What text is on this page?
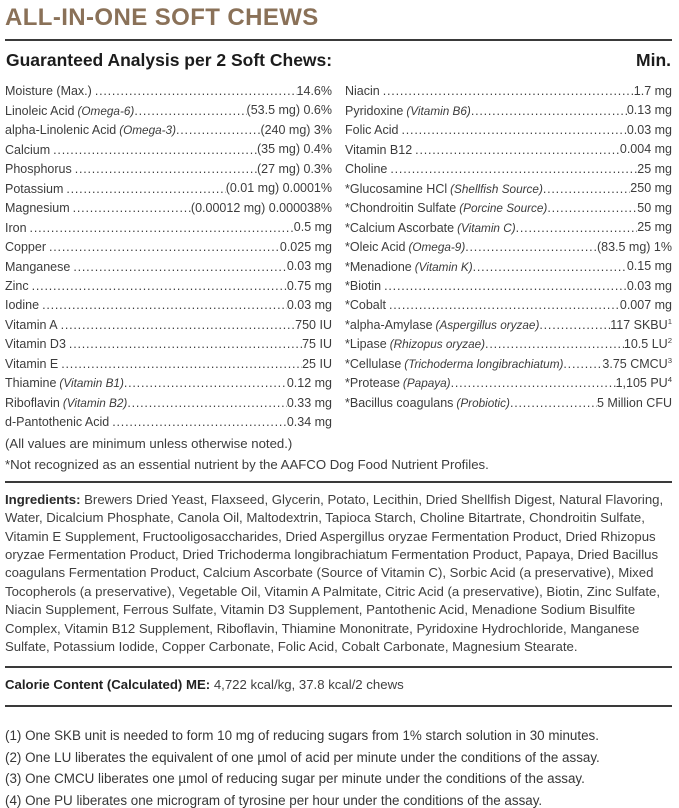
ALL-IN-ONE SOFT CHEWS
Guaranteed Analysis per 2 Soft Chews:	Min.
Moisture (Max.) .....	14.6%
Linoleic Acid (Omega-6) .....	(53.5 mg) 0.6%
alpha-Linolenic Acid (Omega-3) .....	(240 mg) 3%
Calcium .....	(35 mg) 0.4%
Phosphorus .....	(27 mg) 0.3%
Potassium .....	(0.01 mg) 0.0001%
Magnesium .....	(0.00012 mg) 0.000038%
Iron .....	0.5 mg
Copper .....	0.025 mg
Manganese .....	0.03 mg
Zinc .....	0.75 mg
Iodine .....	0.03 mg
Vitamin A .....	750 IU
Vitamin D3 .....	75 IU
Vitamin E .....	25 IU
Thiamine (Vitamin B1) .....	0.12 mg
Riboflavin (Vitamin B2) .....	0.33 mg
d-Pantothenic Acid .....	0.34 mg
Niacin .....	1.7 mg
Pyridoxine (Vitamin B6) .....	0.13 mg
Folic Acid .....	0.03 mg
Vitamin B12 .....	0.004 mg
Choline .....	25 mg
*Glucosamine HCl (Shellfish Source) .....	250 mg
*Chondroitin Sulfate (Porcine Source) .....	50 mg
*Calcium Ascorbate (Vitamin C) .....	25 mg
*Oleic Acid (Omega-9) .....	(83.5 mg) 1%
*Menadione (Vitamin K) .....	0.15 mg
*Biotin .....	0.03 mg
*Cobalt .....	0.007 mg
*alpha-Amylase (Aspergillus oryzae) .....	117 SKBU$^1$
*Lipase (Rhizopus oryzae) .....	10.5 $LU^2$
*Cellulase (Trichoderma longibrachiatum) .....	3.75 CMCU$^3$
*Protease (Papaya) .....	1,105 $PU^4$
*Bacillus coagulans (Probiotic) .....	5 Million CFU

(All values are minimum unless otherwise noted.)

*Not recognized as an essential nutrient by the AAFCO Dog Food Nutrient Profiles.

Ingredients: Brewers Dried Yeast, Flaxseed, Glycerin, Potato, Lecithin, Dried Shellfish Digest, Natural Flavoring, Water, Dicalcium Phosphate, Canola Oil, Maltodextrin, Tapioca Starch, Choline Bitartrate, Chondroitin Sulfate, Vitamin E Supplement, Fructooligosaccharides, Dried Aspergillus oryzae Fermentation Product, Dried Rhizopus oryzae Fermentation Product, Dried Trichoderma longibrachiatum Fermentation Product, Papaya, Dried Bacillus coagulans Fermentation Product, Calcium Ascorbate (Source of Vitamin C), Sorbic Acid (a preservative), Mixed Tocopherols (a preservative), Vegetable Oil, Vitamin A Palmitate, Citric Acid (a preservative), Biotin, Zinc Sulfate, Niacin Supplement, Ferrous Sulfate, Vitamin D3 Supplement, Pantothenic Acid, Menadione Sodium Bisulfite Complex, Vitamin B12 Supplement, Riboflavin, Thiamine Mononitrate, Pyridoxine Hydrochloride, Manganese Sulfate, Potassium Iodide, Copper Carbonate, Folic Acid, Cobalt Carbonate, Magnesium Stearate.

Calorie Content (Calculated) ME: 4,722 kcal/kg, 37.8 kcal/2 chews

(1) One SKB unit is needed to form 10 mg of reducing sugars from 1% starch solution in 30 minutes.

(2) One LU liberates the equivalent of one µmol of acid per minute under the conditions of the assay.

(3) One CMCU liberates one µmol of reducing sugar per minute under the conditions of the assay.

(4) One PU liberates one microgram of tyrosine per hour under the conditions of the assay.
